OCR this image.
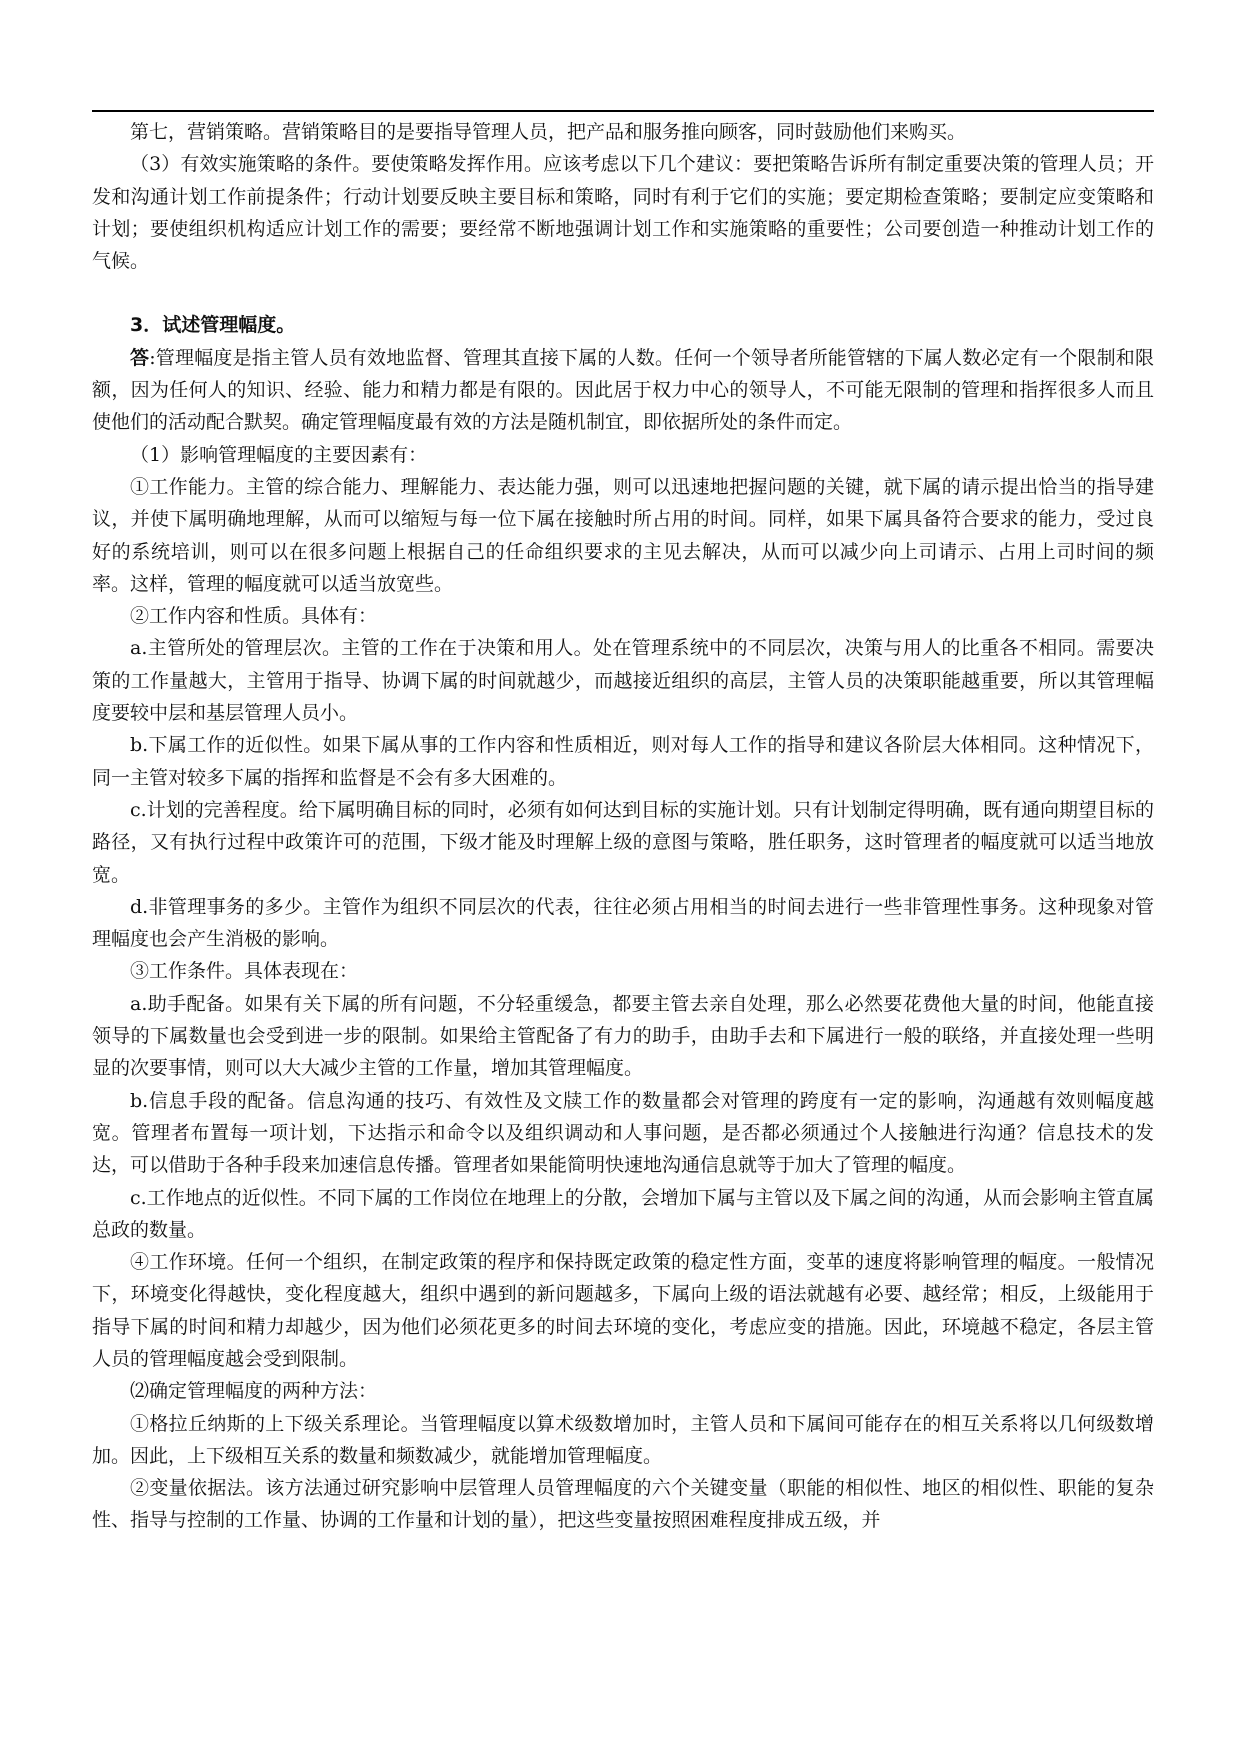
第七，营销策略。营销策略目的是要指导管理人员，把产品和服务推向顾客，同时鼓励他们来购买。

（3）有效实施策略的条件。要使策略发挥作用。应该考虑以下几个建议：要把策略告诉所有制定重要决策的管理人员；开发和沟通计划工作前提条件；行动计划要反映主要目标和策略，同时有利于它们的实施；要定期检查策略；要制定应变策略和计划；要使组织机构适应计划工作的需要；要经常不断地强调计划工作和实施策略的重要性；公司要创造一种推动计划工作的气候。

3．试述管理幅度。

答:管理幅度是指主管人员有效地监督、管理其直接下属的人数。任何一个领导者所能管辖的下属人数必定有一个限制和限额，因为任何人的知识、经验、能力和精力都是有限的。因此居于权力中心的领导人，不可能无限制的管理和指挥很多人而且使他们的活动配合默契。确定管理幅度最有效的方法是随机制宜，即依据所处的条件而定。

（1）影响管理幅度的主要因素有：

①工作能力。主管的综合能力、理解能力、表达能力强，则可以迅速地把握问题的关键，就下属的请示提出恰当的指导建议，并使下属明确地理解，从而可以缩短与每一位下属在接触时所占用的时间。同样，如果下属具备符合要求的能力，受过良好的系统培训，则可以在很多问题上根据自己的任命组织要求的主见去解决，从而可以减少向上司请示、占用上司时间的频率。这样，管理的幅度就可以适当放宽些。

②工作内容和性质。具体有：

a.主管所处的管理层次。主管的工作在于决策和用人。处在管理系统中的不同层次，决策与用人的比重各不相同。需要决策的工作量越大，主管用于指导、协调下属的时间就越少，而越接近组织的高层，主管人员的决策职能越重要，所以其管理幅度要较中层和基层管理人员小。

b.下属工作的近似性。如果下属从事的工作内容和性质相近，则对每人工作的指导和建议各阶层大体相同。这种情况下，同一主管对较多下属的指挥和监督是不会有多大困难的。

c.计划的完善程度。给下属明确目标的同时，必须有如何达到目标的实施计划。只有计划制定得明确，既有通向期望目标的路径，又有执行过程中政策许可的范围，下级才能及时理解上级的意图与策略，胜任职务，这时管理者的幅度就可以适当地放宽。

d.非管理事务的多少。主管作为组织不同层次的代表，往往必须占用相当的时间去进行一些非管理性事务。这种现象对管理幅度也会产生消极的影响。

③工作条件。具体表现在：

a.助手配备。如果有关下属的所有问题，不分轻重缓急，都要主管去亲自处理，那么必然要花费他大量的时间，他能直接领导的下属数量也会受到进一步的限制。如果给主管配备了有力的助手，由助手去和下属进行一般的联络，并直接处理一些明显的次要事情，则可以大大减少主管的工作量，增加其管理幅度。

b.信息手段的配备。信息沟通的技巧、有效性及文牍工作的数量都会对管理的跨度有一定的影响，沟通越有效则幅度越宽。管理者布置每一项计划，下达指示和命令以及组织调动和人事问题，是否都必须通过个人接触进行沟通？信息技术的发达，可以借助于各种手段来加速信息传播。管理者如果能简明快速地沟通信息就等于加大了管理的幅度。

c.工作地点的近似性。不同下属的工作岗位在地理上的分散，会增加下属与主管以及下属之间的沟通，从而会影响主管直属总政的数量。

④工作环境。任何一个组织，在制定政策的程序和保持既定政策的稳定性方面，变革的速度将影响管理的幅度。一般情况下，环境变化得越快，变化程度越大，组织中遇到的新问题越多，下属向上级的语法就越有必要、越经常；相反，上级能用于指导下属的时间和精力却越少，因为他们必须花更多的时间去环境的变化，考虑应变的措施。因此，环境越不稳定，各层主管人员的管理幅度越会受到限制。

⑵确定管理幅度的两种方法：

①格拉丘纳斯的上下级关系理论。当管理幅度以算术级数增加时，主管人员和下属间可能存在的相互关系将以几何级数增加。因此，上下级相互关系的数量和频数减少，就能增加管理幅度。

②变量依据法。该方法通过研究影响中层管理人员管理幅度的六个关键变量（职能的相似性、地区的相似性、职能的复杂性、指导与控制的工作量、协调的工作量和计划的量），把这些变量按照困难程度排成五级，并
